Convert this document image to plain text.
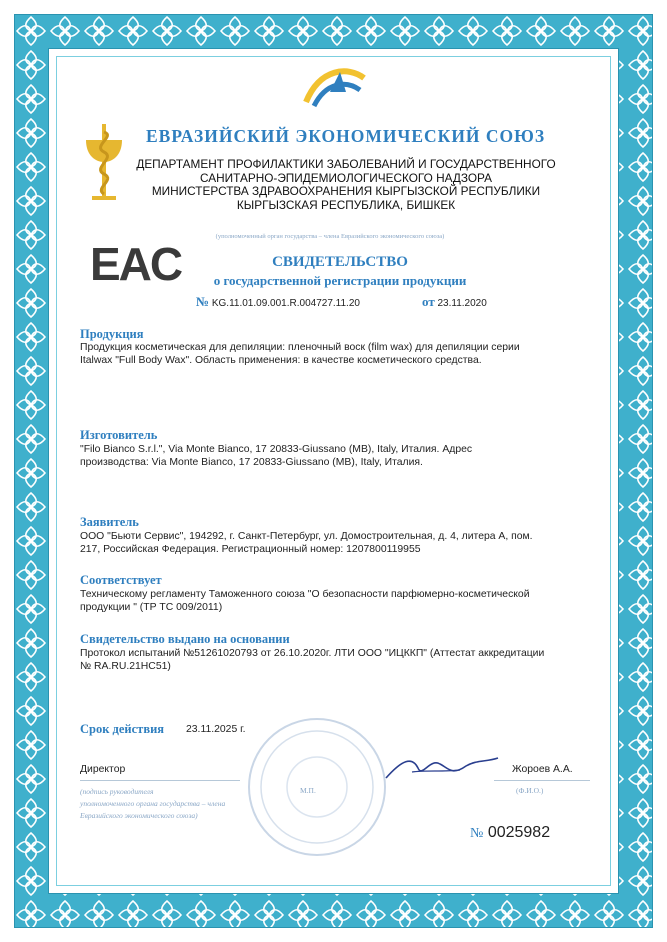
ЕВРАЗИЙСКИЙ ЭКОНОМИЧЕСКИЙ СОЮЗ
ДЕПАРТАМЕНТ ПРОФИЛАКТИКИ ЗАБОЛЕВАНИЙ И ГОСУДАРСТВЕННОГО
САНИТАРНО-ЭПИДЕМИОЛОГИЧЕСКОГО НАДЗОРА
МИНИСТЕРСТВА ЗДРАВООХРАНЕНИЯ КЫРГЫЗСКОЙ РЕСПУБЛИКИ
КЫРГЫЗСКАЯ РЕСПУБЛИКА, БИШКЕК
(уполномоченный орган государства – члена Евразийского экономического союза)
EAC	СВИДЕТЕЛЬСТВО
о государственной регистрации продукции
№ KG.11.01.09.001.R.004727.11.20	от 23.11.2020
Продукция
Продукция косметическая для депиляции: пленочный воск (film wax) для депиляции серии
Italwax "Full Body Wax". Область применения: в качестве косметического средства.
Изготовитель
"Filo Bianco S.r.l.", Via Monte Bianco, 17 20833-Giussano (MB), Italy, Италия. Адрес
производства: Via Monte Bianco, 17 20833-Giussano (MB), Italy, Италия.
Заявитель
ООО "Бьюти Сервис", 194292, г. Санкт-Петербург, ул. Домостроительная, д. 4, литера А, пом.
217, Российская Федерация. Регистрационный номер: 1207800119955
Соответствует
Техническому регламенту Таможенного союза "О безопасности парфюмерно-косметической
продукции " (ТР ТС 009/2011)
Свидетельство выдано на основании
Протокол испытаний №51261020793 от 26.10.2020г. ЛТИ ООО "ИЦККП" (Аттестат аккредитации
№ RA.RU.21НС51)
Срок действия 23.11.2025 г.
Директор
(подпись руководителя
уполномоченного органа государства – члена
Евразийского экономического союза)
М.П.
Жороев А.А.
(Ф.И.О.)
№ 0025982
